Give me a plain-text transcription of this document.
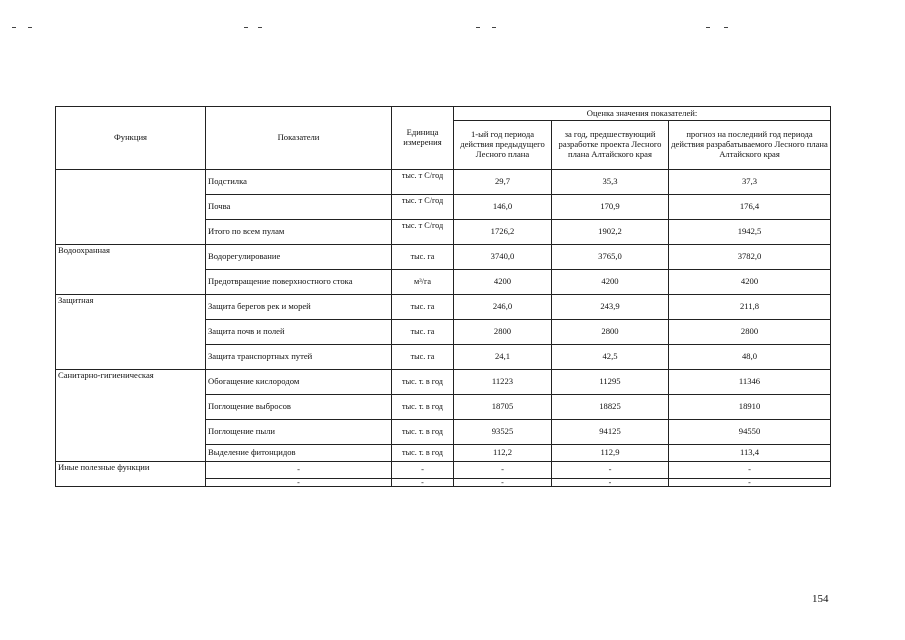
Функция	Показатели	Единица измерения	Оценка значения показателей:		
			1-ый год периода действия предыдущего Лесного плана	за год, предшествующий разработке проекта Лесного плана Алтайского края	прогноз на последний год периода действия разрабатываемого Лесного плана Алтайского края
	Подстилка	тыс. т С/год	29,7	35,3	37,3
	Почва	тыс. т С/год	146,0	170,9	176,4
	Итого по всем пулам	тыс. т С/год	1726,2	1902,2	1942,5
Водоохранная	Водорегулирование	тыс. га	3740,0	3765,0	3782,0
	Предотвращение поверхностного стока	м³/га	4200	4200	4200
Защитная	Защита берегов рек и морей	тыс. га	246,0	243,9	211,8
	Защита почв и полей	тыс. га	2800	2800	2800
	Защита транспортных путей	тыс. га	24,1	42,5	48,0
Санитарно-гигиеническая	Обогащение кислородом	тыс. т. в год	11223	11295	11346
	Поглощение выбросов	тыс. т. в год	18705	18825	18910
	Поглощение пыли	тыс. т. в год	93525	94125	94550
	Выделение фитонцидов	тыс. т. в год	112,2	112,9	113,4
Иные полезные функции	-	-	-	-	-
	-	-	-	-	-
154
